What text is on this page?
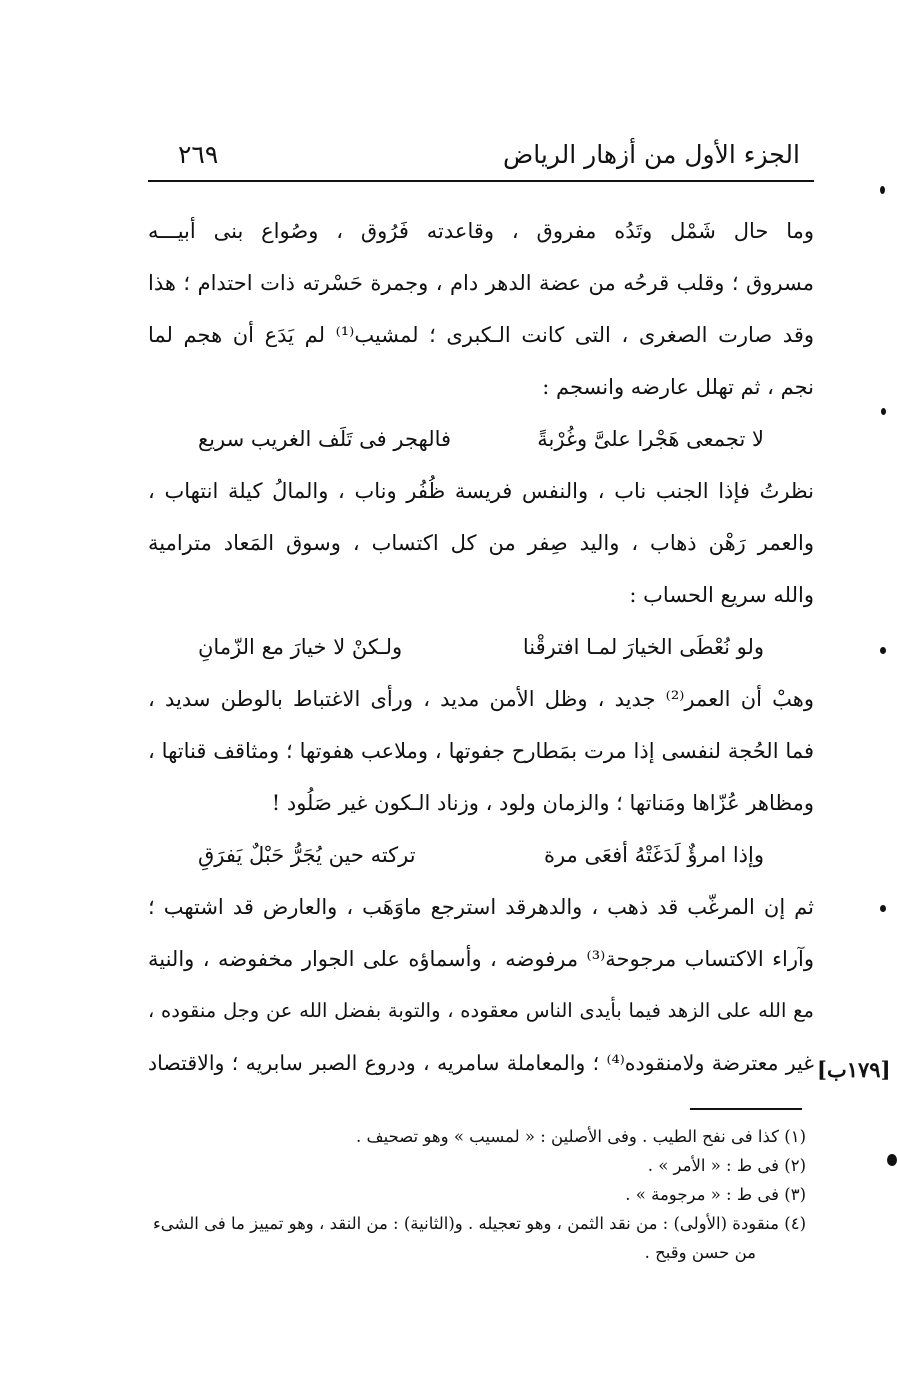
٢٦٩	الجزء الأول من أزهار الرياض
وما حال شَمْل وتَدُه مفروق ، وقاعدته فَرُوق ، وصُواع بنى أبيـــه
مسروق ؛ وقلب قرحُه من عضة الدهر دام ، وجمرة حَسْرته ذات احتدام ؛ هذا
وقد صارت الصغرى ، التى كانت الـكبرى ؛ لمشيب⁽¹⁾ لم يَدَع أن هجم لما
نجم ، ثم تهلل عارضه وانسجم :
لا تجمعى هَجْرا علىَّ وغُرْبةً
فالهجر فى تَلَف الغريب سريع
نظرتُ فإذا الجنب ناب ، والنفس فريسة ظُفُر وناب ، والمالُ كيلة انتهاب ،
والعمر رَهْن ذهاب ، واليد صِفر من كل اكتساب ، وسوق المَعاد مترامية
والله سريع الحساب :
ولو نُعْطَى الخيارَ لمـا افترقْنا
ولـكنْ لا خيارَ مع الزّمانِ
وهبْ أن العمر⁽²⁾ جديد ، وظل الأمن مديد ، ورأى الاغتباط بالوطن سديد ،
فما الحُجة لنفسى إذا مرت بمَطارح جفوتها ، وملاعب هفوتها ؛ ومثاقف قناتها ،
ومظاهر عُزّاها ومَناتها ؛ والزمان ولود ، وزناد الـكون غير صَلُود !
وإذا امرؤٌ لَدَغَتْهُ أفعَى مرة
تركته حين يُجَرُّ حَبْلٌ يَفرَقِ
ثم إن المرغّب قد ذهب ، والدهرقد استرجع ماوَهَب ، والعارض قد اشتهب ؛
وآراء الاكتساب مرجوحة⁽³⁾ مرفوضه ، وأسماؤه على الجوار مخفوضه ، والنية
مع الله على الزهد فيما بأيدى الناس معقوده ، والتوبة بفضل الله عن وجل منقوده ،
غير معترضة ولامنقوده⁽⁴⁾ ؛ والمعاملة سامريه ، ودروع الصبر سابريه ؛ والاقتصاد [١٧٩ب]
(١) كذا فى نفح الطيب . وفى الأصلين : « لمسيب » وهو تصحيف .
(٢) فى ط : « الأمر » .
(٣) فى ط : « مرجومة » .
(٤) منقودة (الأولى) : من نقد الثمن ، وهو تعجيله . و(الثانية) : من النقد ، وهو تمييز ما فى الشىء من حسن وقبح .
